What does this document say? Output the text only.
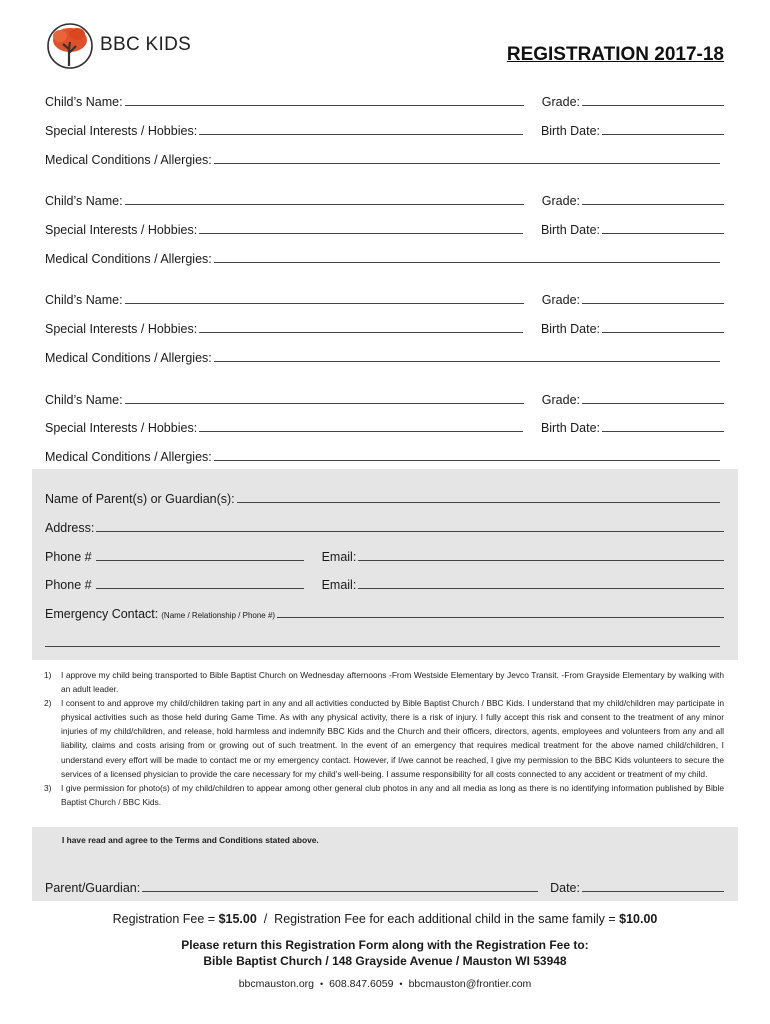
BBC KIDS	REGISTRATION 2017-18
Child’s Name:	Grade:
Special Interests / Hobbies:	Birth Date:
Medical Conditions / Allergies:
Child’s Name:	Grade:
Special Interests / Hobbies:	Birth Date:
Medical Conditions / Allergies:
Child’s Name:	Grade:
Special Interests / Hobbies:	Birth Date:
Medical Conditions / Allergies:
Child’s Name:	Grade:
Special Interests / Hobbies:	Birth Date:
Medical Conditions / Allergies:
Name of Parent(s) or Guardian(s):
Address:
Phone #	Email:
Phone #	Email:
Emergency Contact: (Name / Relationship / Phone #)
1)	I approve my child being transported to Bible Baptist Church on Wednesday afternoons -From Westside Elementary by Jevco Transit. -From Grayside Elementary by walking with an adult leader.
2)	I consent to and approve my child/children taking part in any and all activities conducted by Bible Baptist Church / BBC Kids. I understand that my child/children may participate in physical activities such as those held during Game Time. As with any physical activity, there is a risk of injury. I fully accept this risk and consent to the treatment of any minor injuries of my child/children, and release, hold harmless and indemnify BBC Kids and the Church and their officers, directors, agents, employees and volunteers from any and all liability, claims and costs arising from or growing out of such treatment. In the event of an emergency that requires medical treatment for the above named child/children, I understand every effort will be made to contact me or my emergency contact. However, if I/we cannot be reached, I give my permission to the BBC Kids volunteers to secure the services of a licensed physician to provide the care necessary for my child’s well-being. I assume responsibility for all costs connected to any accident or treatment of my child.
3)	I give permission for photo(s) of my child/children to appear among other general club photos in any and all media as long as there is no identifying information published by Bible Baptist Church / BBC Kids.
I have read and agree to the Terms and Conditions stated above.
Parent/Guardian:	Date:
Registration Fee = $15.00  /  Registration Fee for each additional child in the same family = $10.00
Please return this Registration Form along with the Registration Fee to:
Bible Baptist Church / 148 Grayside Avenue / Mauston WI 53948
bbcmauston.org • 608.847.6059 • bbcmauston@frontier.com
